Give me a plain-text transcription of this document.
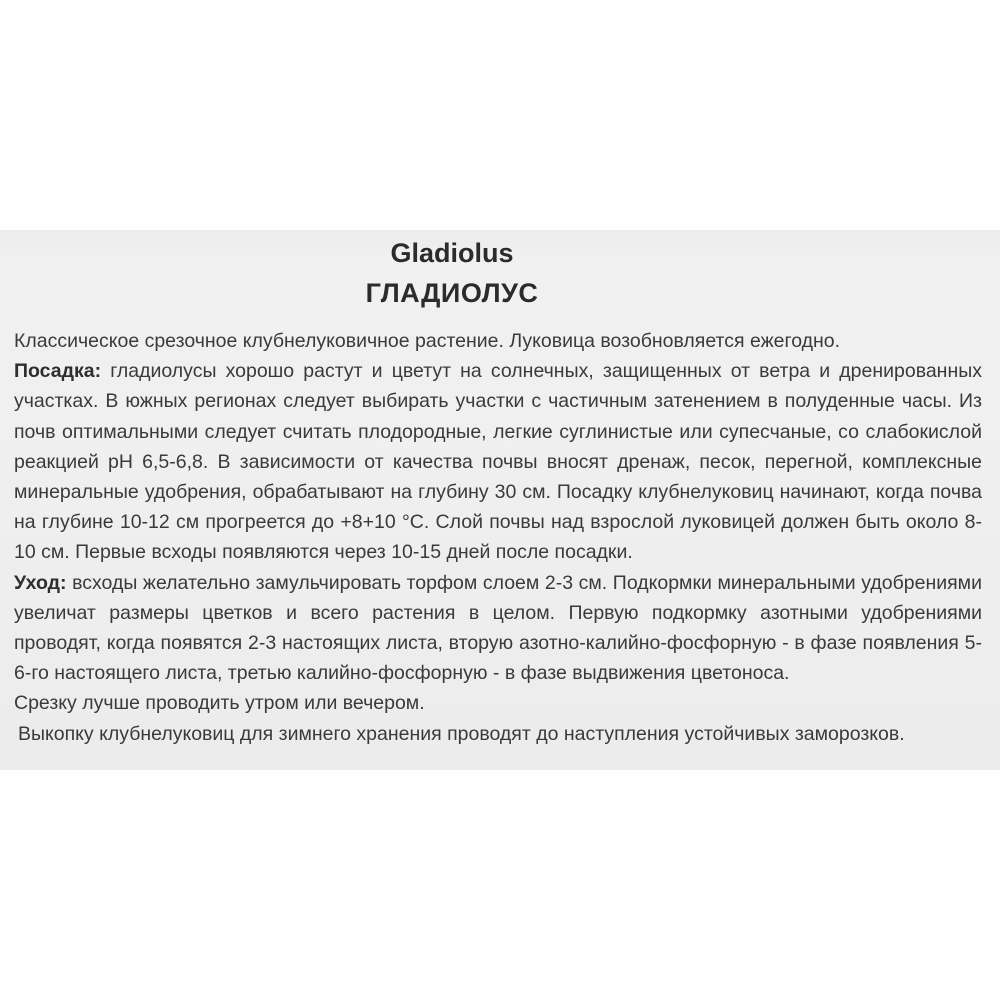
Gladiolus
ГЛАДИОЛУС

Классическое срезочное клубнелуковичное растение. Луковица возобновляется ежегодно.

Посадка: гладиолусы хорошо растут и цветут на солнечных, защищенных от ветра и дренированных участках. В южных регионах следует выбирать участки с частичным затенением в полуденные часы. Из почв оптимальными следует считать плодородные, легкие суглинистые или супесчаные, со слабокислой реакцией pH 6,5-6,8. В зависимости от качества почвы вносят дренаж, песок, перегной, комплексные минеральные удобрения, обрабатывают на глубину 30 см. Посадку клубнелуковиц начинают, когда почва на глубине 10-12 см прогреется до +8+10 °С. Слой почвы над взрослой луковицей должен быть около 8-10 см. Первые всходы появляются через 10-15 дней после посадки.

Уход: всходы желательно замульчировать торфом слоем 2-3 см. Подкормки минеральными удобрениями увеличат размеры цветков и всего растения в целом. Первую подкормку азотными удобрениями проводят, когда появятся 2-3 настоящих листа, вторую азотно-калийно-фосфорную - в фазе появления 5-6-го настоящего листа, третью калийно-фосфорную - в фазе выдвижения цветоноса.

Срезку лучше проводить утром или вечером.

Выкопку клубнелуковиц для зимнего хранения проводят до наступления устойчивых заморозков.
